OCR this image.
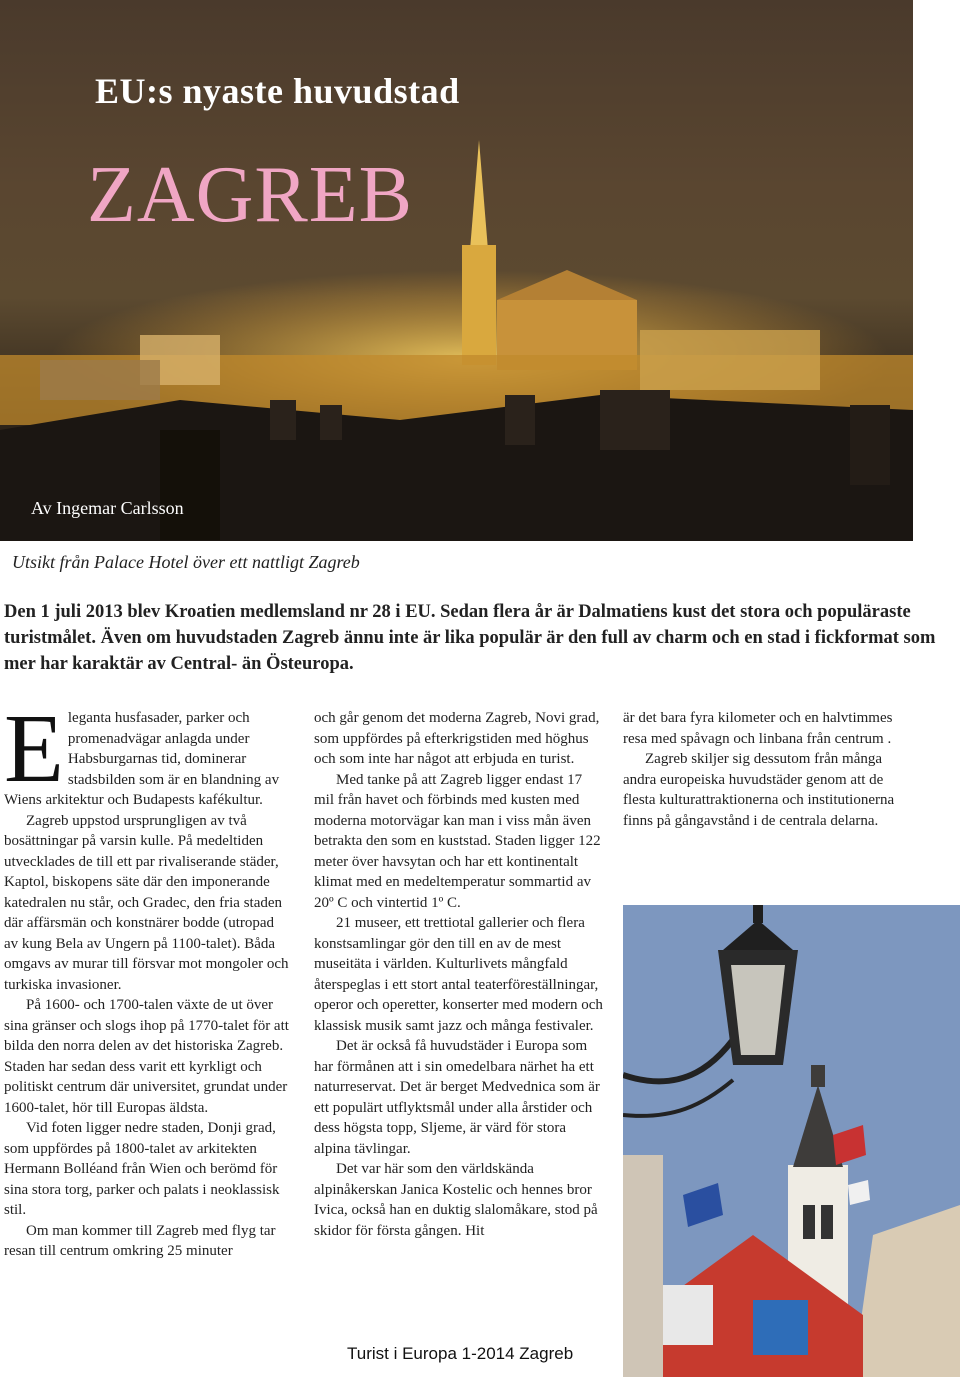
EU:s nyaste huvudstad
ZAGREB
Av Ingemar Carlsson
Utsikt från Palace Hotel över ett nattligt Zagreb
Den 1 juli 2013 blev Kroatien medlemsland nr 28 i EU. Sedan flera år är Dalmatiens kust det stora och populäraste turistmålet. Även om huvudstaden Zagreb ännu inte är lika populär är den full av charm och en stad i fickformat som mer har karaktär av Central- än Östeuropa.

Eleganta husfasader, parker och promenadvägar anlagda under Habsburgarnas tid, dominerar stadsbilden som är en blandning av Wiens arkitektur och Budapests kafékultur.

Zagreb uppstod ursprungligen av två bosättningar på varsin kulle. På medeltiden utvecklades de till ett par rivaliserande städer, Kaptol, biskopens säte där den imponerande katedralen nu står, och Gradec, den fria staden där affärsmän och konstnärer bodde (utropad av kung Bela av Ungern på 1100-talet). Båda omgavs av murar till försvar mot mongoler och turkiska invasioner.

På 1600- och 1700-talen växte de ut över sina gränser och slogs ihop på 1770-talet för att bilda den norra delen av det historiska Zagreb. Staden har sedan dess varit ett kyrkligt och politiskt centrum där universitet, grundat under 1600-talet, hör till Europas äldsta.

Vid foten ligger nedre staden, Donji grad, som uppfördes på 1800-talet av arkitekten Hermann Bolléand från Wien och berömd för sina stora torg, parker och palats i neoklassisk stil.

Om man kommer till Zagreb med flyg tar resan till centrum omkring 25 minuter

och går genom det moderna Zagreb, Novi grad, som uppfördes på efterkrigstiden med höghus och som inte har något att erbjuda en turist.

Med tanke på att Zagreb ligger endast 17 mil från havet och förbinds med kusten med moderna motorvägar kan man i viss mån även betrakta den som en kuststad. Staden ligger 122 meter över havsytan och har ett kontinentalt klimat med en medeltemperatur sommartid av 20º C och vintertid 1º C.

21 museer, ett trettiotal gallerier och flera konstsamlingar gör den till en av de mest museitäta i världen. Kulturlivets mångfald återspeglas i ett stort antal teaterföreställningar, operor och operetter, konserter med modern och klassisk musik samt jazz och många festivaler.

Det är också få huvudstäder i Europa som har förmånen att i sin omedelbara närhet ha ett naturreservat. Det är berget Medvednica som är ett populärt utflyktsmål under alla årstider och dess högsta topp, Sljeme, är värd för stora alpina tävlingar.

Det var här som den världskända alpinåkerskan Janica Kostelic och hennes bror Ivica, också han en duktig slalomåkare, stod på skidor för första gången. Hit

är det bara fyra kilometer och en halvtimmes resa med spåvagn och linbana från centrum .

Zagreb skiljer sig dessutom från många andra europeiska huvudstäder genom att de flesta kulturattraktionerna och institutionerna finns på gångavstånd i de centrala delarna.

Turist i Europa 1-2014 Zagreb
